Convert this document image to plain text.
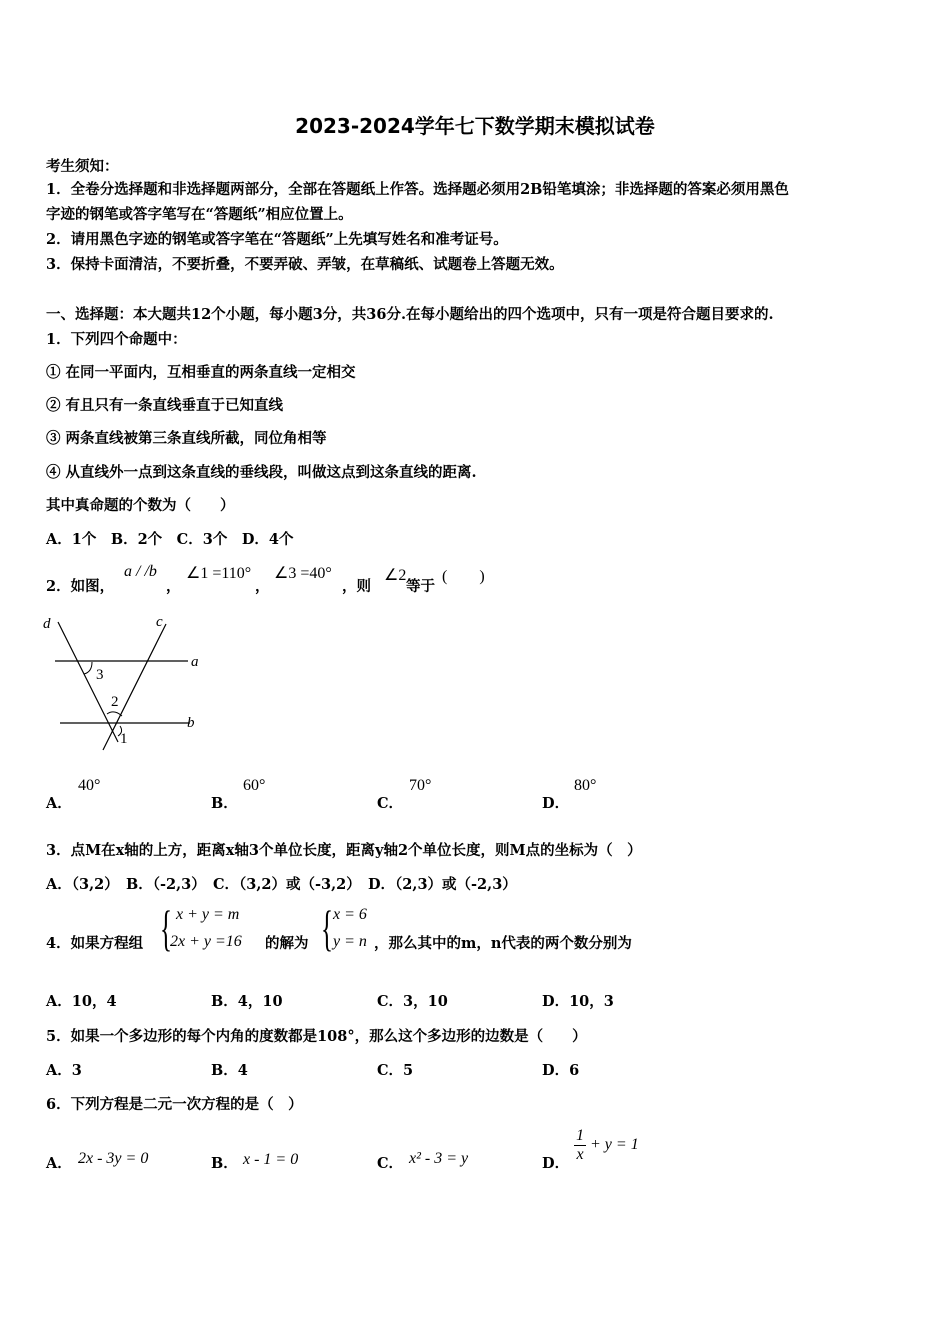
2023-2024学年七下数学期末模拟试卷
考生须知：
1．全卷分选择题和非选择题两部分，全部在答题纸上作答。选择题必须用2B铅笔填涂；非选择题的答案必须用黑色
字迹的钢笔或答字笔写在“答题纸”相应位置上。
2．请用黑色字迹的钢笔或答字笔在“答题纸”上先填写姓名和准考证号。
3．保持卡面清洁，不要折叠，不要弄破、弄皱，在草稿纸、试题卷上答题无效。
一、选择题：本大题共12个小题，每小题3分，共36分.在每小题给出的四个选项中，只有一项是符合题目要求的.
1．下列四个命题中：
① 在同一平面内，互相垂直的两条直线一定相交
② 有且只有一条直线垂直于已知直线
③ 两条直线被第三条直线所截，同位角相等
④ 从直线外一点到这条直线的垂线段，叫做这点到这条直线的距离.
其中真命题的个数为（　　）
A．1个　B．2个　C．3个　D．4个
2．如图，
a / /b
，
∠1 =110°
，
∠3 =40°
，则
∠2
等于
(　　)
d	c
a
b
3
2
1
A．
40°
B．
60°
C．
70°
D．
80°
3．点M在x轴的上方，距离x轴3个单位长度，距离y轴2个单位长度，则M点的坐标为（　）
A．（3,2）　B．（-2,3）　C．（3,2）或（-3,2）　D．（2,3）或（-2,3）
4．如果方程组 { x + y = m
2x + y =16 的解为 { x = 6
y = n ，那么其中的m，n代表的两个数分别为
A．10，4	B．4，10	C．3，10	D．10，3
5．如果一个多边形的每个内角的度数都是108°，那么这个多边形的边数是（　　）
A．3	B．4	C．5	D．6
6．下列方程是二元一次方程的是（　）
A． 2x - 3y = 0	B． x - 1 = 0	C． x² - 3 = y	D． $\frac{1}{x} + y = 1$
